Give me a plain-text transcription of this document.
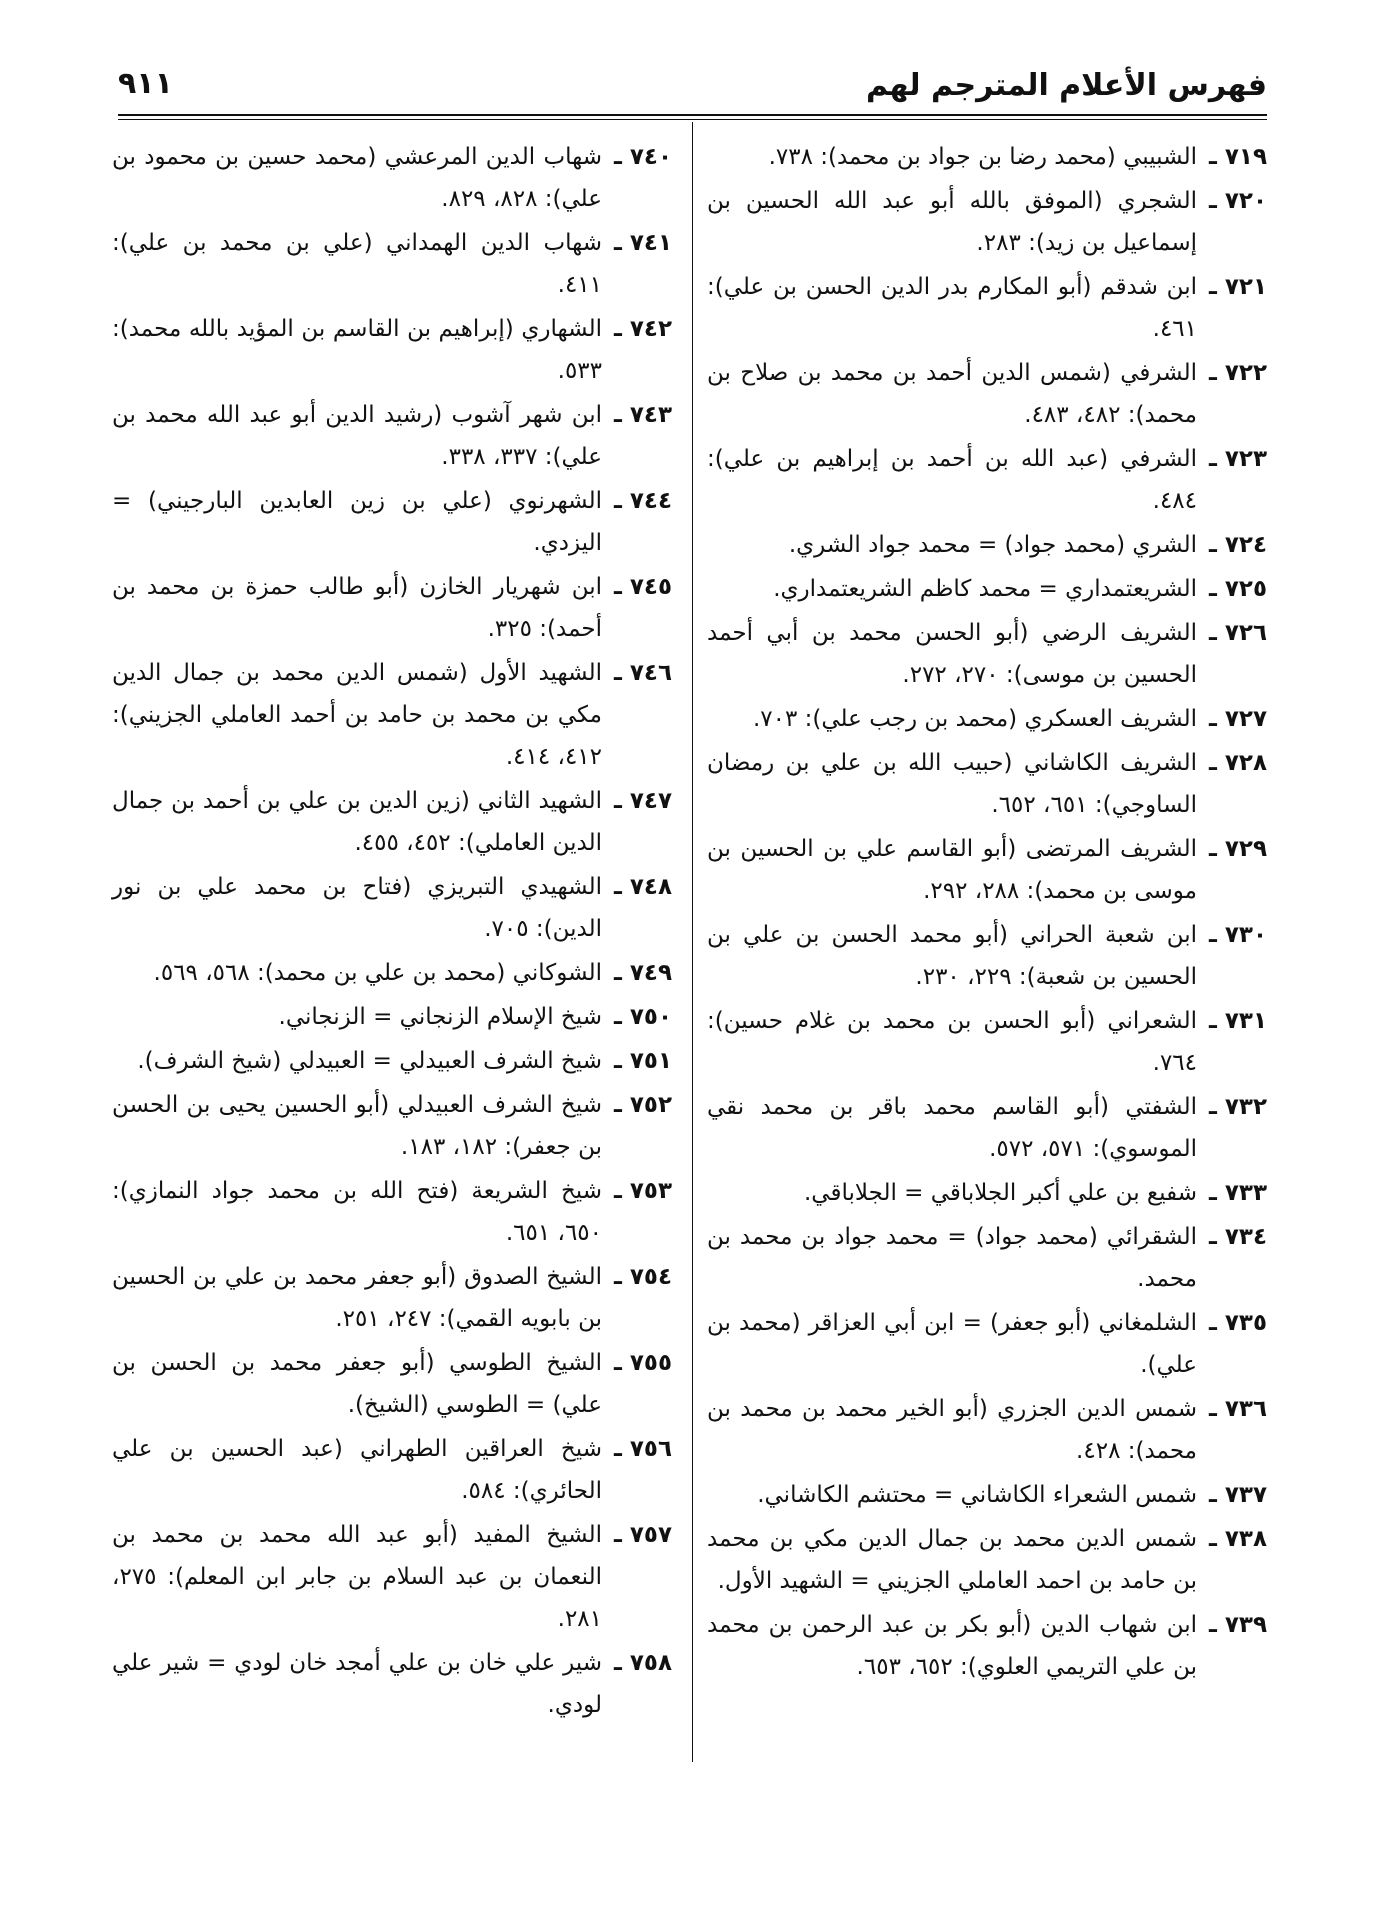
فهرس الأعلام المترجم لهم
٩١١
٧١٩ ـ
الشبيبي (محمد رضا بن جواد بن محمد): ٧٣٨.
٧٢٠ ـ
الشجري (الموفق بالله أبو عبد الله الحسين بن إسماعيل بن زيد): ٢٨٣.
٧٢١ ـ
ابن شدقم (أبو المكارم بدر الدين الحسن بن علي): ٤٦١.
٧٢٢ ـ
الشرفي (شمس الدين أحمد بن محمد بن صلاح بن محمد): ٤٨٢، ٤٨٣.
٧٢٣ ـ
الشرفي (عبد الله بن أحمد بن إبراهيم بن علي): ٤٨٤.
٧٢٤ ـ
الشري (محمد جواد) = محمد جواد الشري.
٧٢٥ ـ
الشريعتمداري = محمد كاظم الشريعتمداري.
٧٢٦ ـ
الشريف الرضي (أبو الحسن محمد بن أبي أحمد الحسين بن موسى): ٢٧٠، ٢٧٢.
٧٢٧ ـ
الشريف العسكري (محمد بن رجب علي): ٧٠٣.
٧٢٨ ـ
الشريف الكاشاني (حبيب الله بن علي بن رمضان الساوجي): ٦٥١، ٦٥٢.
٧٢٩ ـ
الشريف المرتضى (أبو القاسم علي بن الحسين بن موسى بن محمد): ٢٨٨، ٢٩٢.
٧٣٠ ـ
ابن شعبة الحراني (أبو محمد الحسن بن علي بن الحسين بن شعبة): ٢٢٩، ٢٣٠.
٧٣١ ـ
الشعراني (أبو الحسن بن محمد بن غلام حسين): ٧٦٤.
٧٣٢ ـ
الشفتي (أبو القاسم محمد باقر بن محمد نقي الموسوي): ٥٧١، ٥٧٢.
٧٣٣ ـ
شفيع بن علي أكبر الجلاباقي = الجلاباقي.
٧٣٤ ـ
الشقرائي (محمد جواد) = محمد جواد بن محمد بن محمد.
٧٣٥ ـ
الشلمغاني (أبو جعفر) = ابن أبي العزاقر (محمد بن علي).
٧٣٦ ـ
شمس الدين الجزري (أبو الخير محمد بن محمد بن محمد): ٤٢٨.
٧٣٧ ـ
شمس الشعراء الكاشاني = محتشم الكاشاني.
٧٣٨ ـ
شمس الدين محمد بن جمال الدين مكي بن محمد بن حامد بن احمد العاملي الجزيني = الشهيد الأول.
٧٣٩ ـ
ابن شهاب الدين (أبو بكر بن عبد الرحمن بن محمد بن علي التريمي العلوي): ٦٥٢، ٦٥٣.
٧٤٠ ـ
شهاب الدين المرعشي (محمد حسين بن محمود بن علي): ٨٢٨، ٨٢٩.
٧٤١ ـ
شهاب الدين الهمداني (علي بن محمد بن علي): ٤١١.
٧٤٢ ـ
الشهاري (إبراهيم بن القاسم بن المؤيد بالله محمد): ٥٣٣.
٧٤٣ ـ
ابن شهر آشوب (رشيد الدين أبو عبد الله محمد بن علي): ٣٣٧، ٣٣٨.
٧٤٤ ـ
الشهرنوي (علي بن زين العابدين البارجيني) = اليزدي.
٧٤٥ ـ
ابن شهريار الخازن (أبو طالب حمزة بن محمد بن أحمد): ٣٢٥.
٧٤٦ ـ
الشهيد الأول (شمس الدين محمد بن جمال الدين مكي بن محمد بن حامد بن أحمد العاملي الجزيني): ٤١٢، ٤١٤.
٧٤٧ ـ
الشهيد الثاني (زين الدين بن علي بن أحمد بن جمال الدين العاملي): ٤٥٢، ٤٥٥.
٧٤٨ ـ
الشهيدي التبريزي (فتاح بن محمد علي بن نور الدين): ٧٠٥.
٧٤٩ ـ
الشوكاني (محمد بن علي بن محمد): ٥٦٨، ٥٦٩.
٧٥٠ ـ
شيخ الإسلام الزنجاني = الزنجاني.
٧٥١ ـ
شيخ الشرف العبيدلي = العبيدلي (شيخ الشرف).
٧٥٢ ـ
شيخ الشرف العبيدلي (أبو الحسين يحيى بن الحسن بن جعفر): ١٨٢، ١٨٣.
٧٥٣ ـ
شيخ الشريعة (فتح الله بن محمد جواد النمازي): ٦٥٠، ٦٥١.
٧٥٤ ـ
الشيخ الصدوق (أبو جعفر محمد بن علي بن الحسين بن بابويه القمي): ٢٤٧، ٢٥١.
٧٥٥ ـ
الشيخ الطوسي (أبو جعفر محمد بن الحسن بن علي) = الطوسي (الشيخ).
٧٥٦ ـ
شيخ العراقين الطهراني (عبد الحسين بن علي الحائري): ٥٨٤.
٧٥٧ ـ
الشيخ المفيد (أبو عبد الله محمد بن محمد بن النعمان بن عبد السلام بن جابر ابن المعلم): ٢٧٥، ٢٨١.
٧٥٨ ـ
شير علي خان بن علي أمجد خان لودي = شير علي لودي.
